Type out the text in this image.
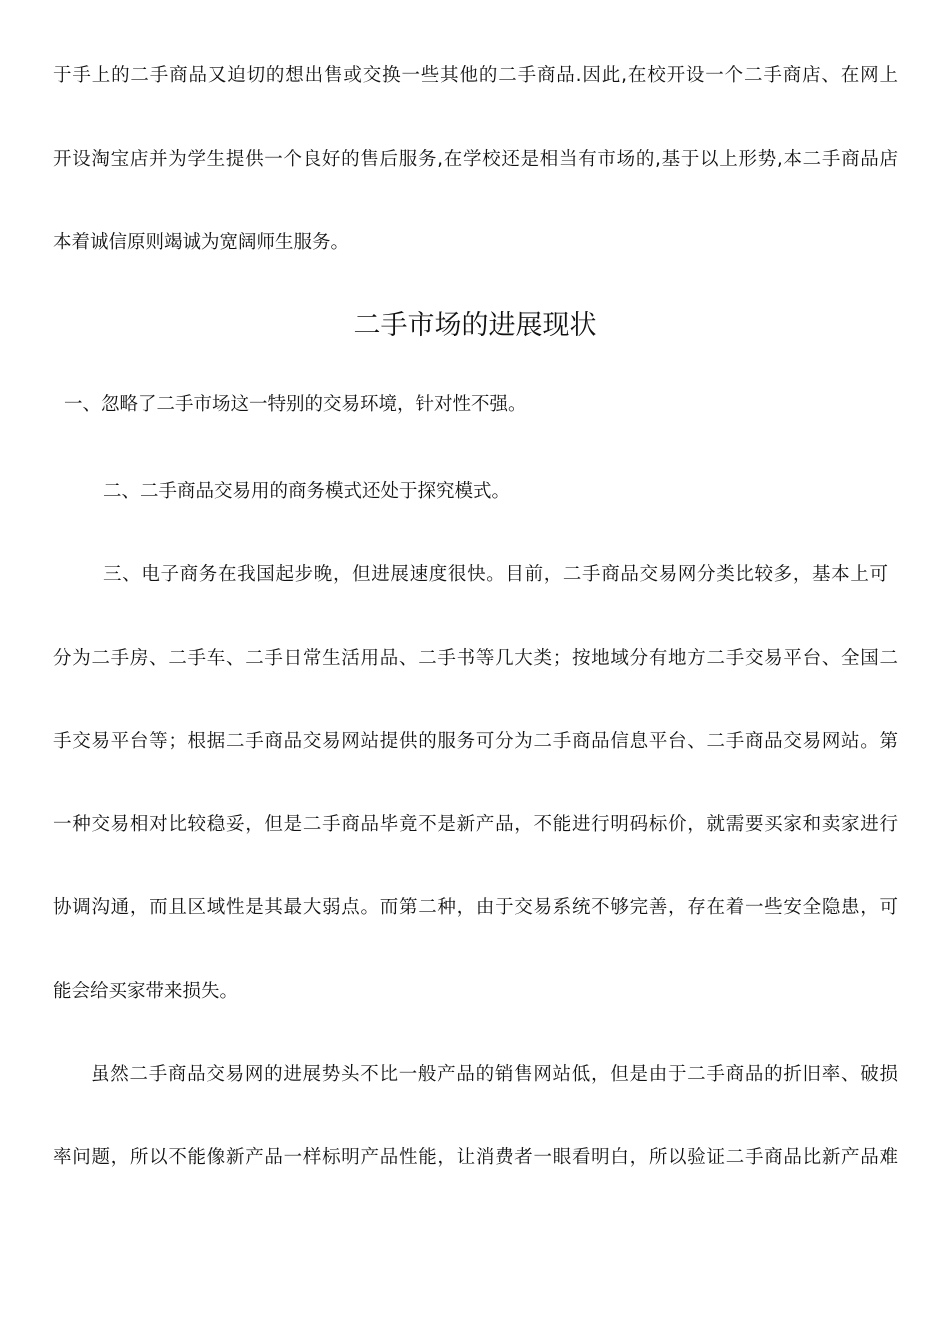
于手上的二手商品又迫切的想出售或交换一些其他的二手商品.因此,在校开设一个二手商店、在网上
开设淘宝店并为学生提供一个良好的售后服务,在学校还是相当有市场的,基于以上形势,本二手商品店
本着诚信原则竭诚为宽阔师生服务。
二手市场的进展现状
一、忽略了二手市场这一特别的交易环境，针对性不强。
二、二手商品交易用的商务模式还处于探究模式。
三、电子商务在我国起步晚，但进展速度很快。目前，二手商品交易网分类比较多，基本上可
分为二手房、二手车、二手日常生活用品、二手书等几大类；按地域分有地方二手交易平台、全国二
手交易平台等；根据二手商品交易网站提供的服务可分为二手商品信息平台、二手商品交易网站。第
一种交易相对比较稳妥，但是二手商品毕竟不是新产品，不能进行明码标价，就需要买家和卖家进行
协调沟通，而且区域性是其最大弱点。而第二种，由于交易系统不够完善，存在着一些安全隐患，可
能会给买家带来损失。
虽然二手商品交易网的进展势头不比一般产品的销售网站低，但是由于二手商品的折旧率、破损
率问题，所以不能像新产品一样标明产品性能，让消费者一眼看明白，所以验证二手商品比新产品难
